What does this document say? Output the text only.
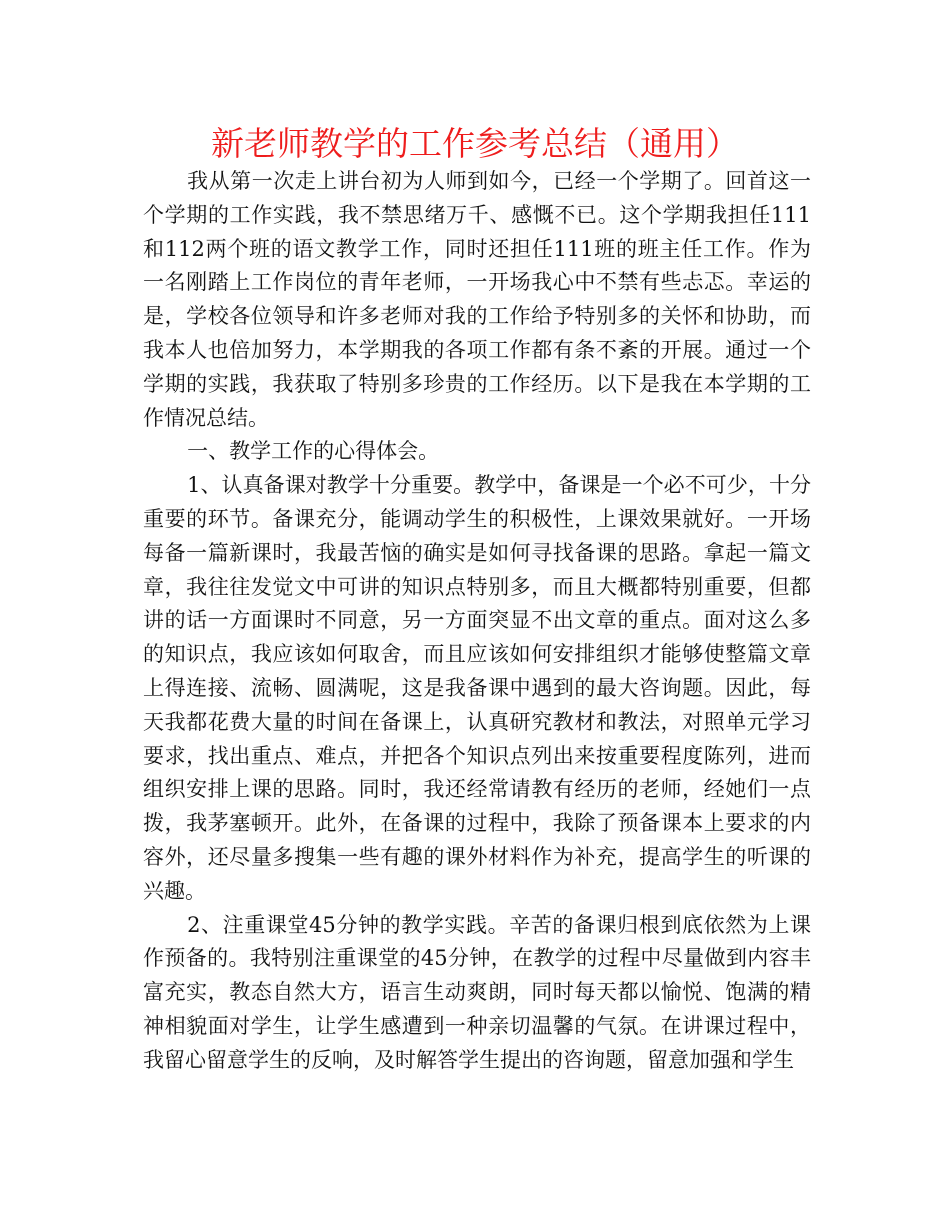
新老师教学的工作参考总结（通用）

我从第一次走上讲台初为人师到如今，已经一个学期了。回首这一个学期的工作实践，我不禁思绪万千、感慨不已。这个学期我担任111和112两个班的语文教学工作，同时还担任111班的班主任工作。作为一名刚踏上工作岗位的青年老师，一开场我心中不禁有些忐忑。幸运的是，学校各位领导和许多老师对我的工作给予特别多的关怀和协助，而我本人也倍加努力，本学期我的各项工作都有条不紊的开展。通过一个学期的实践，我获取了特别多珍贵的工作经历。以下是我在本学期的工作情况总结。

一、教学工作的心得体会。

1、认真备课对教学十分重要。教学中，备课是一个必不可少，十分重要的环节。备课充分，能调动学生的积极性，上课效果就好。一开场每备一篇新课时，我最苦恼的确实是如何寻找备课的思路。拿起一篇文章，我往往发觉文中可讲的知识点特别多，而且大概都特别重要，但都讲的话一方面课时不同意，另一方面突显不出文章的重点。面对这么多的知识点，我应该如何取舍，而且应该如何安排组织才能够使整篇文章上得连接、流畅、圆满呢，这是我备课中遇到的最大咨询题。因此，每天我都花费大量的时间在备课上，认真研究教材和教法，对照单元学习要求，找出重点、难点，并把各个知识点列出来按重要程度陈列，进而组织安排上课的思路。同时，我还经常请教有经历的老师，经她们一点拨，我茅塞顿开。此外，在备课的过程中，我除了预备课本上要求的内容外，还尽量多搜集一些有趣的课外材料作为补充，提高学生的听课的兴趣。

2、注重课堂45分钟的教学实践。辛苦的备课归根到底依然为上课作预备的。我特别注重课堂的45分钟，在教学的过程中尽量做到内容丰富充实，教态自然大方，语言生动爽朗，同时每天都以愉悦、饱满的精神相貌面对学生，让学生感遭到一种亲切温馨的气氛。在讲课过程中，我留心留意学生的反响，及时解答学生提出的咨询题，留意加强和学生
